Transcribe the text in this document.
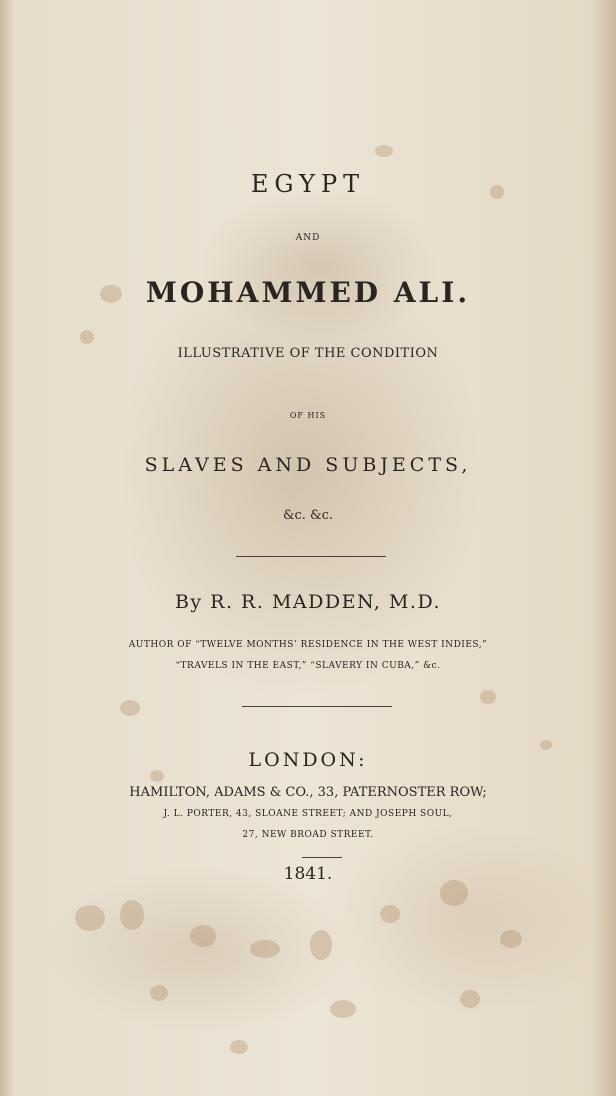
EGYPT
AND
MOHAMMED ALI.
ILLUSTRATIVE OF THE CONDITION
OF HIS
SLAVES AND SUBJECTS,
&c. &c.
By R. R. MADDEN, M.D.
AUTHOR OF “TWELVE MONTHS’ RESIDENCE IN THE WEST INDIES,”
“TRAVELS IN THE EAST,” “SLAVERY IN CUBA,” &c.
LONDON:
HAMILTON, ADAMS & CO., 33, PATERNOSTER ROW;
J. L. PORTER, 43, SLOANE STREET; AND JOSEPH SOUL,
27, NEW BROAD STREET.
1841.
